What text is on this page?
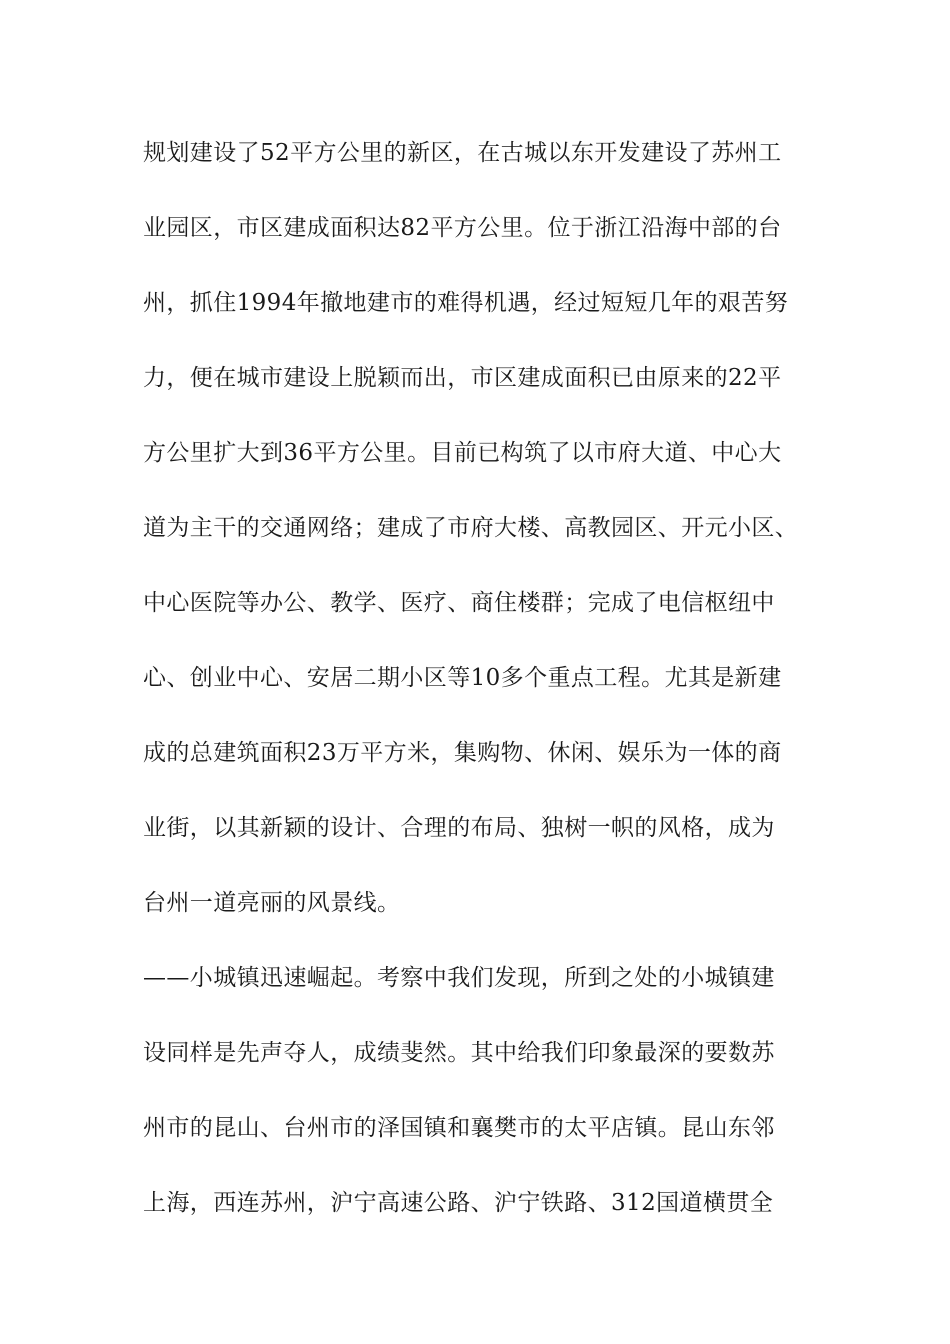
规划建设了52平方公里的新区，在古城以东开发建设了苏州工
业园区，市区建成面积达82平方公里。位于浙江沿海中部的台
州，抓住1994年撤地建市的难得机遇，经过短短几年的艰苦努
力，便在城市建设上脱颖而出，市区建成面积已由原来的22平
方公里扩大到36平方公里。目前已构筑了以市府大道、中心大
道为主干的交通网络；建成了市府大楼、高教园区、开元小区、
中心医院等办公、教学、医疗、商住楼群；完成了电信枢纽中
心、创业中心、安居二期小区等10多个重点工程。尤其是新建
成的总建筑面积23万平方米，集购物、休闲、娱乐为一体的商
业街，以其新颖的设计、合理的布局、独树一帜的风格，成为
台州一道亮丽的风景线。
——小城镇迅速崛起。考察中我们发现，所到之处的小城镇建
设同样是先声夺人，成绩斐然。其中给我们印象最深的要数苏
州市的昆山、台州市的泽国镇和襄樊市的太平店镇。昆山东邻
上海，西连苏州，沪宁高速公路、沪宁铁路、312国道横贯全
